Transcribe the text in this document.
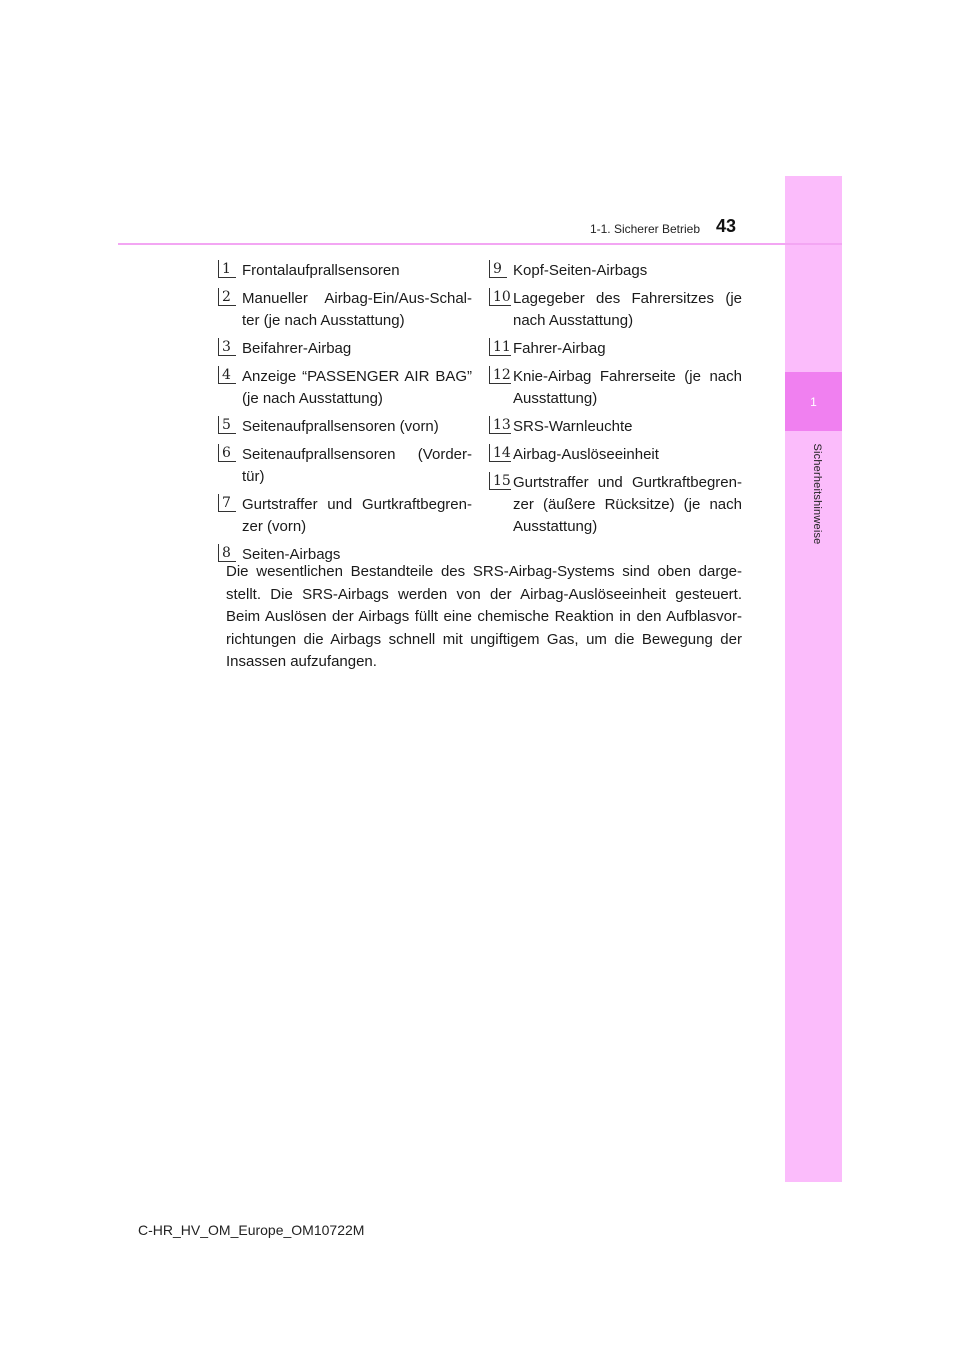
1
Sicherheitshinweise
1-1. Sicherer Betrieb 43
1 Frontalaufprallsensoren
2 Manueller Airbag-Ein/Aus-Schal-ter (je nach Ausstattung)
3 Beifahrer-Airbag
4 Anzeige “PASSENGER AIR BAG” (je nach Ausstattung)
5 Seitenaufprallsensoren (vorn)
6 Seitenaufprallsensoren (Vorder-tür)
7 Gurtstraffer und Gurtkraftbegren-zer (vorn)
8 Seiten-Airbags
9 Kopf-Seiten-Airbags
10 Lagegeber des Fahrersitzes (je nach Ausstattung)
11 Fahrer-Airbag
12 Knie-Airbag Fahrerseite (je nach Ausstattung)
13 SRS-Warnleuchte
14 Airbag-Auslöseeinheit
15 Gurtstraffer und Gurtkraftbegren-zer (äußere Rücksitze) (je nach Ausstattung)

Die wesentlichen Bestandteile des SRS-Airbag-Systems sind oben darge-stellt. Die SRS-Airbags werden von der Airbag-Auslöseeinheit gesteuert. Beim Auslösen der Airbags füllt eine chemische Reaktion in den Aufblasvor-richtungen die Airbags schnell mit ungiftigem Gas, um die Bewegung der Insassen aufzufangen.

C-HR_HV_OM_Europe_OM10722M
